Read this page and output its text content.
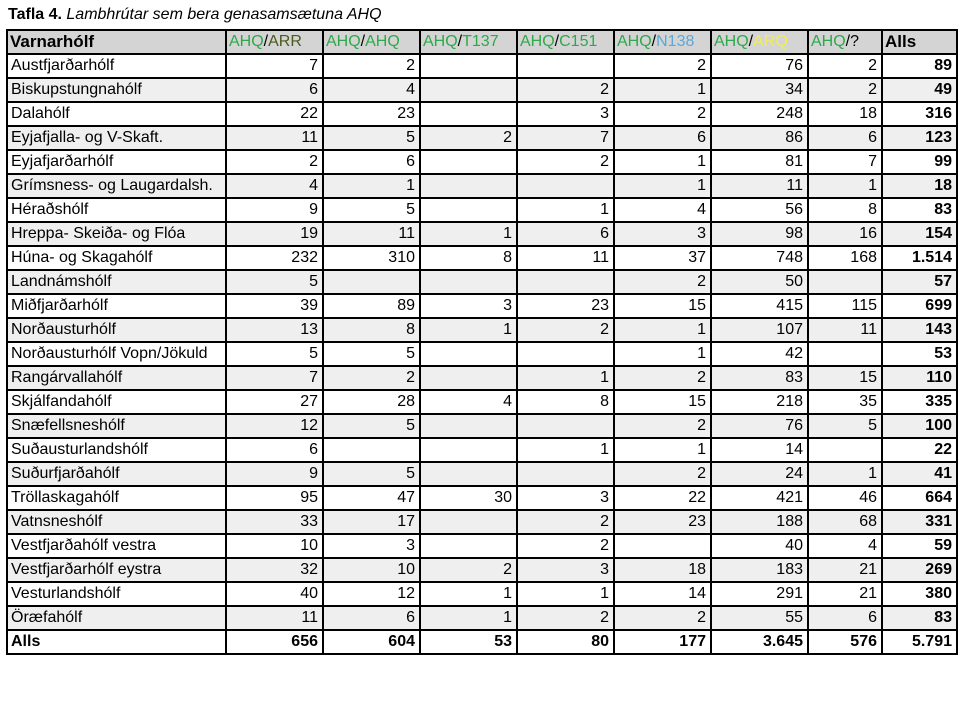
Tafla 4. Lambhrútar sem bera genasamsætuna AHQ
Varnarhólf	AHQ/ARR	AHQ/AHQ	AHQ/T137	AHQ/C151	AHQ/N138	AHQ/ARQ	AHQ/?	Alls
Austfjarðarhólf	7	2			2	76	2	89
Biskupstungnahólf	6	4		2	1	34	2	49
Dalahólf	22	23		3	2	248	18	316
Eyjafjalla- og V-Skaft.	11	5	2	7	6	86	6	123
Eyjafjarðarhólf	2	6		2	1	81	7	99
Grímsness- og Laugardalsh.	4	1			1	11	1	18
Héraðshólf	9	5		1	4	56	8	83
Hreppa- Skeiða- og Flóa	19	11	1	6	3	98	16	154
Húna- og Skagahólf	232	310	8	11	37	748	168	1.514
Landnámshólf	5				2	50		57
Miðfjarðarhólf	39	89	3	23	15	415	115	699
Norðausturhólf	13	8	1	2	1	107	11	143
Norðausturhólf Vopn/Jökuld	5	5			1	42		53
Rangárvallahólf	7	2		1	2	83	15	110
Skjálfandahólf	27	28	4	8	15	218	35	335
Snæfellsneshólf	12	5			2	76	5	100
Suðausturlandshólf	6			1	1	14		22
Suðurfjarðahólf	9	5			2	24	1	41
Tröllaskagahólf	95	47	30	3	22	421	46	664
Vatnsneshólf	33	17		2	23	188	68	331
Vestfjarðahólf vestra	10	3		2		40	4	59
Vestfjarðarhólf eystra	32	10	2	3	18	183	21	269
Vesturlandshólf	40	12	1	1	14	291	21	380
Öræfahólf	11	6	1	2	2	55	6	83
Alls	656	604	53	80	177	3.645	576	5.791
